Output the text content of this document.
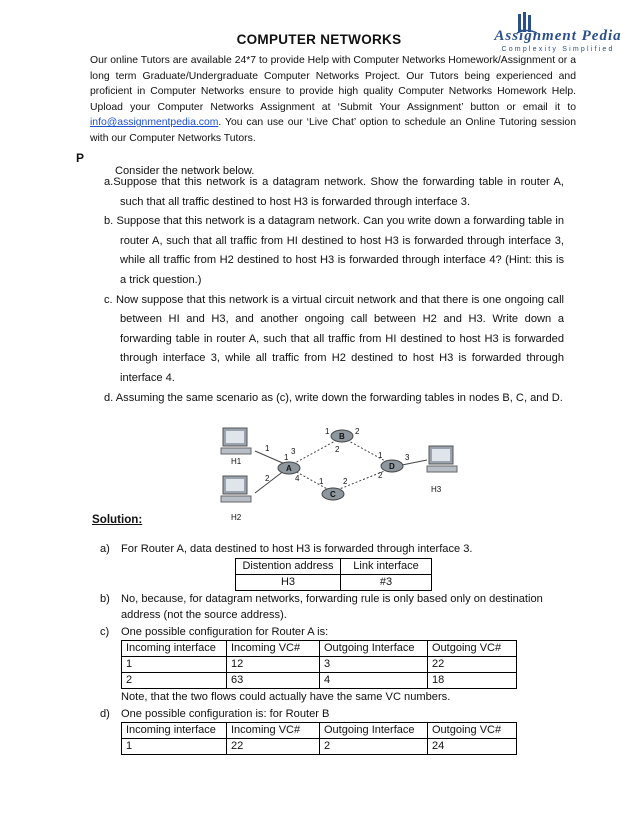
Assignment Pedia
Complexity Simplified
COMPUTER NETWORKS
Our online Tutors are available 24*7 to provide Help with Computer Networks Homework/Assignment or a long term Graduate/Undergraduate Computer Networks Project. Our Tutors being experienced and proficient in Computer Networks ensure to provide high quality Computer Networks Homework Help. Upload your Computer Networks Assignment at ‘Submit Your Assignment’ button or email it to info@assignmentpedia.com. You can use our ‘Live Chat’ option to schedule an Online Tutoring session with our Computer Networks Tutors.
P
Consider the network below.
a.Suppose that this network is a datagram network. Show the forwarding table in router A, such that all traffic destined to host H3 is forwarded through interface 3.
b. Suppose that this network is a datagram network. Can you write down a forwarding table in router A, such that all traffic from HI destined to host H3 is forwarded through interface 3, while all traffic from H2 destined to host H3 is forwarded through interface 4? (Hint: this is a trick question.)
c. Now suppose that this network is a virtual circuit network and that there is one ongoing call between HI and H3, and another ongoing call between H2 and H3. Write down a forwarding table in router A, such that all traffic from HI destined to host H3 is forwarded through interface 3, while all traffic from H2 destined to host H3 is forwarded through interface 4.
d. Assuming the same scenario as (c), write down the forwarding tables in nodes B, C, and D.
H1
H2
H3
A
B
C
D
1	3
2	4
1	2
1 2
1
2
3
1
2
Solution:
a) For Router A, data destined to host H3 is forwarded through interface 3.
Distention address	Link interface
H3	#3
b) No, because, for datagram networks, forwarding rule is only based only on destination address (not the source address).
c) One possible configuration for Router A is:
Incoming interface	Incoming VC#	Outgoing Interface	Outgoing VC#
1	12	3	22
2	63	4	18
Note, that the two flows could actually have the same VC numbers.
d) One possible configuration is: for Router B
Incoming interface	Incoming VC#	Outgoing Interface	Outgoing VC#
1	22	2	24
